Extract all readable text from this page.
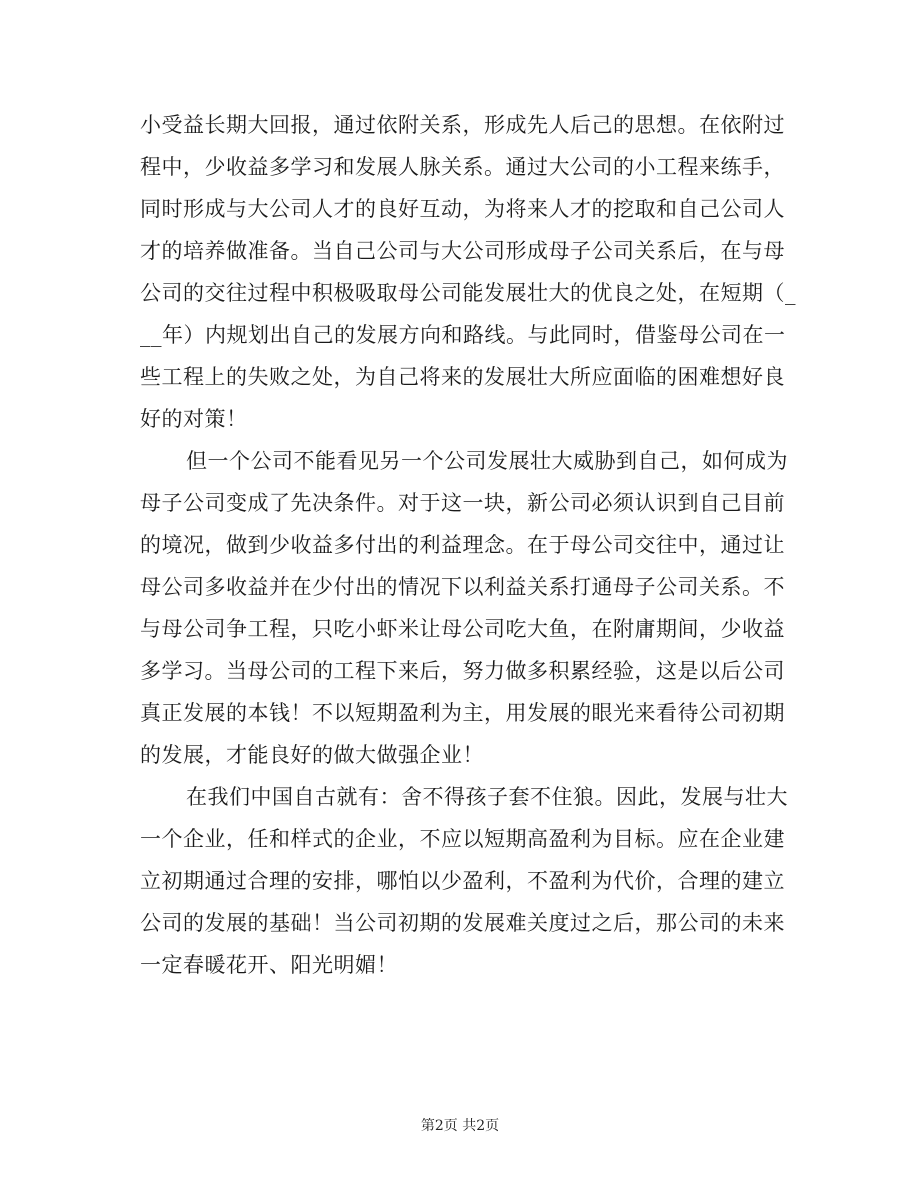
小受益长期大回报，通过依附关系，形成先人后己的思想。在依附过
程中，少收益多学习和发展人脉关系。通过大公司的小工程来练手，
同时形成与大公司人才的良好互动，为将来人才的挖取和自己公司人
才的培养做准备。当自己公司与大公司形成母子公司关系后，在与母
公司的交往过程中积极吸取母公司能发展壮大的优良之处，在短期（_
__年）内规划出自己的发展方向和路线。与此同时，借鉴母公司在一
些工程上的失败之处，为自己将来的发展壮大所应面临的困难想好良
好的对策！
但一个公司不能看见另一个公司发展壮大威胁到自己，如何成为
母子公司变成了先决条件。对于这一块，新公司必须认识到自己目前
的境况，做到少收益多付出的利益理念。在于母公司交往中，通过让
母公司多收益并在少付出的情况下以利益关系打通母子公司关系。不
与母公司争工程，只吃小虾米让母公司吃大鱼，在附庸期间，少收益
多学习。当母公司的工程下来后，努力做多积累经验，这是以后公司
真正发展的本钱！不以短期盈利为主，用发展的眼光来看待公司初期
的发展，才能良好的做大做强企业！
在我们中国自古就有：舍不得孩子套不住狼。因此，发展与壮大
一个企业，任和样式的企业，不应以短期高盈利为目标。应在企业建
立初期通过合理的安排，哪怕以少盈利，不盈利为代价，合理的建立
公司的发展的基础！当公司初期的发展难关度过之后，那公司的未来
一定春暖花开、阳光明媚！
第2页 共2页
